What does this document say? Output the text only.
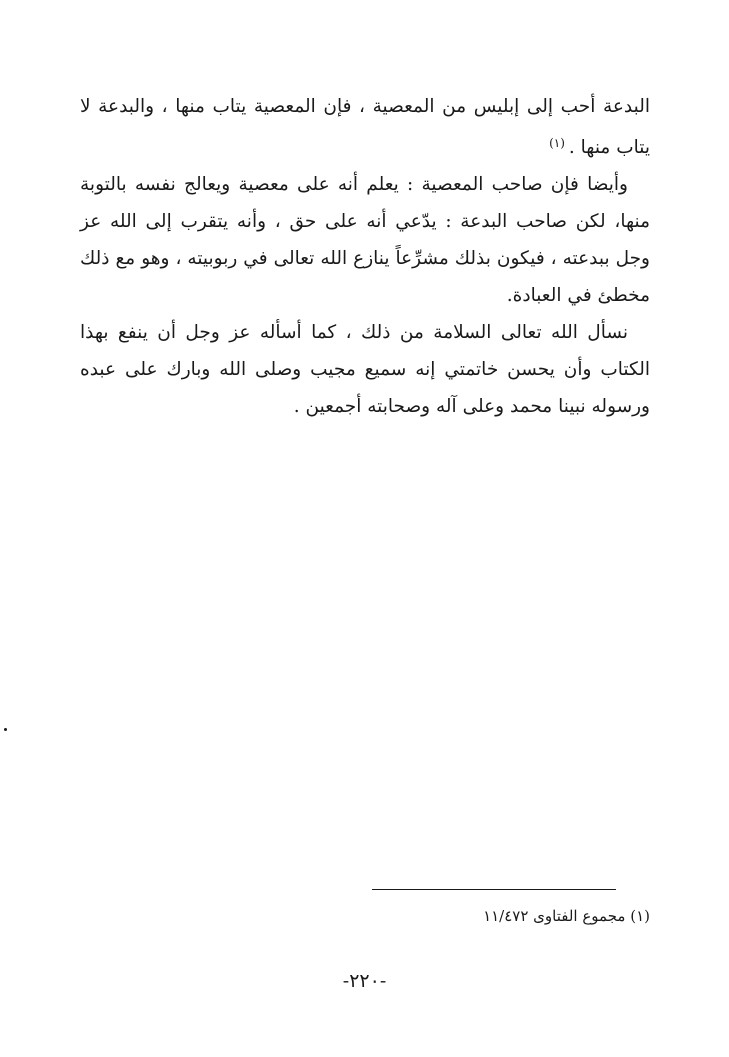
البدعة أحب إلى إبليس من المعصية ، فإن المعصية يتاب منها ، والبدعة لا يتاب منها .$^{(١)}$

وأيضا فإن صاحب المعصية : يعلم أنه على معصية ويعالج نفسه بالتوبة منها، لكن صاحب البدعة : يدّعي أنه على حق ، وأنه يتقرب إلى الله عز وجل ببدعته ، فيكون بذلك مشرِّعاً ينازع الله تعالى في ربوبيته ، وهو مع ذلك مخطئ في العبادة.

نسأل الله تعالى السلامة من ذلك ، كما أسأله عز وجل أن ينفع بهذا الكتاب وأن يحسن خاتمتي إنه سميع مجيب وصلى الله وبارك على عبده ورسوله نبينا محمد وعلى آله وصحابته أجمعين .

(١) مجموع الفتاوى ١١/٤٧٢
-٢٢٠-
